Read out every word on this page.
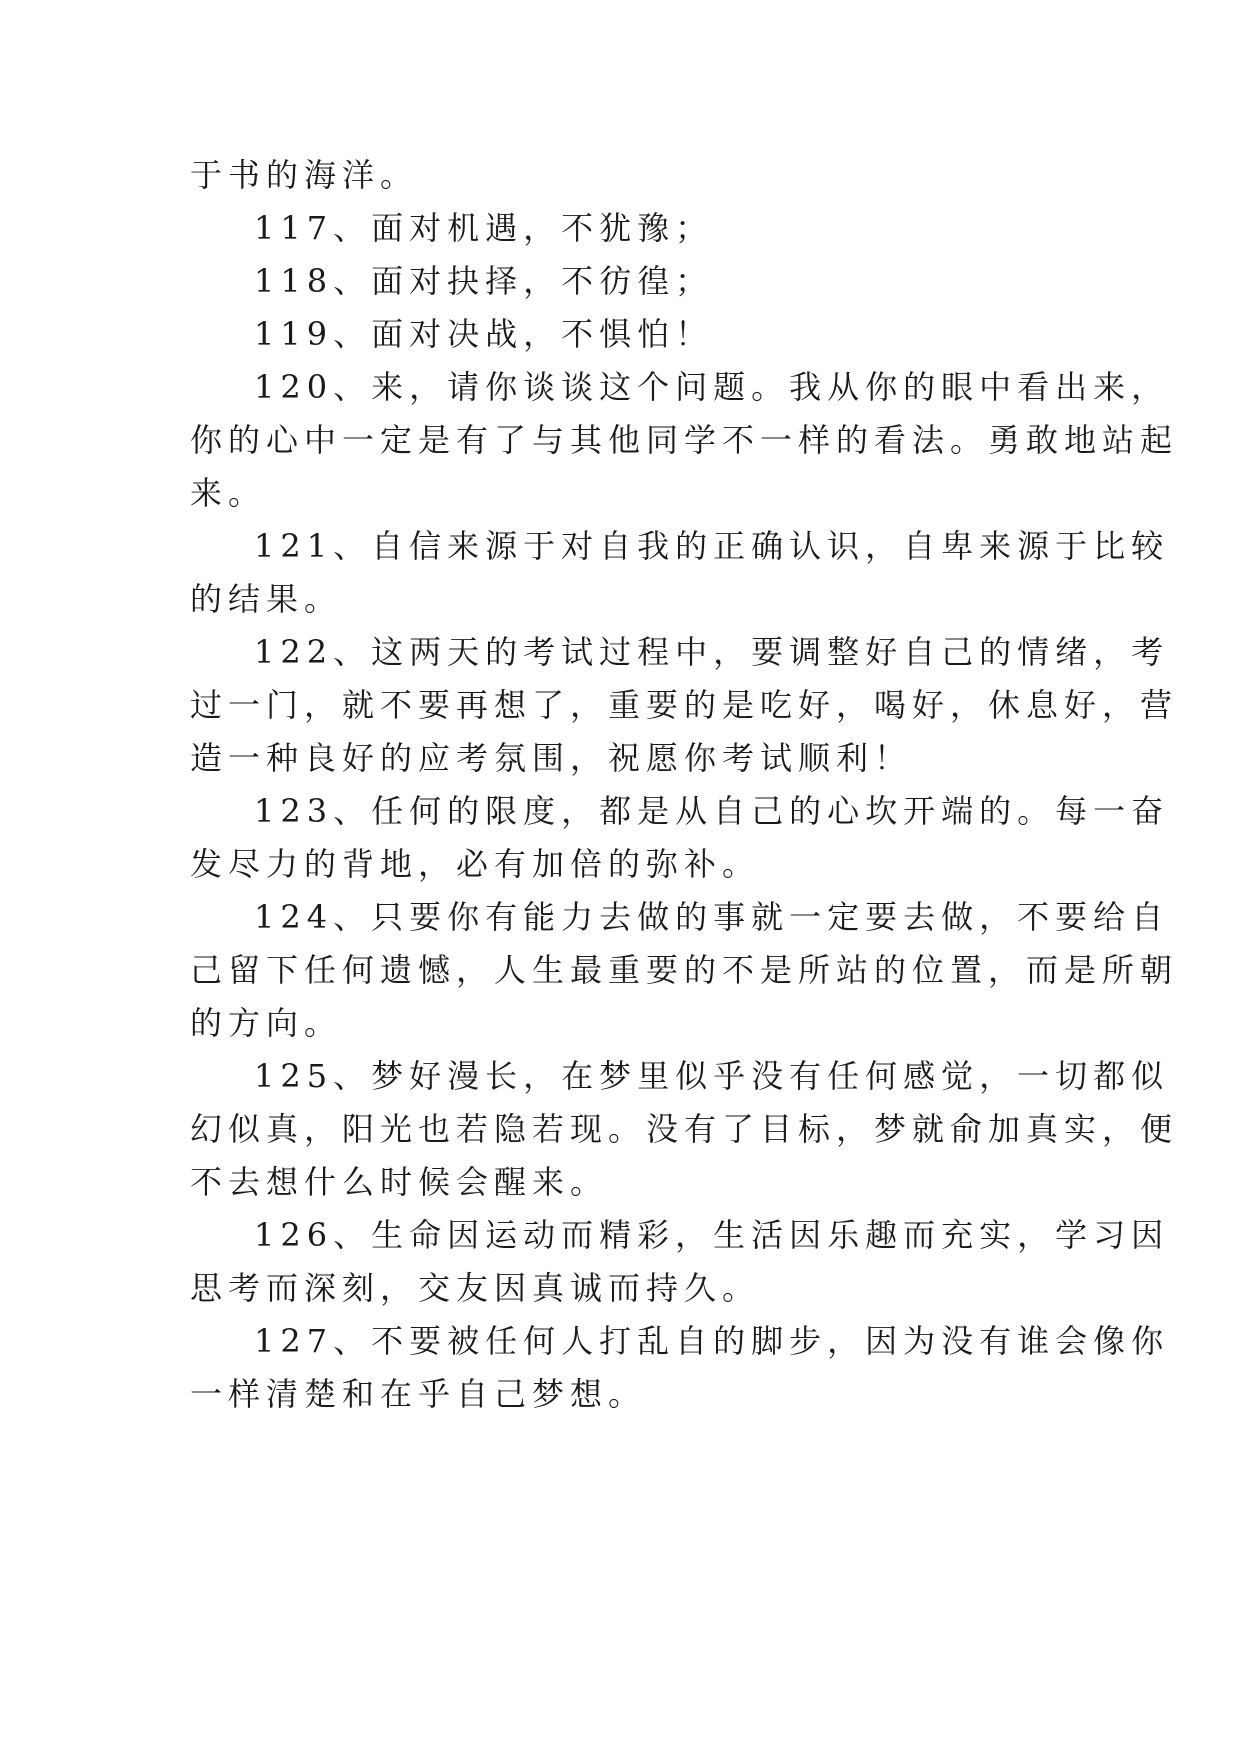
于书的海洋。
117、面对机遇，不犹豫；
118、面对抉择，不彷徨；
119、面对决战，不惧怕！
120、来，请你谈谈这个问题。我从你的眼中看出来，
你的心中一定是有了与其他同学不一样的看法。勇敢地站起
来。
121、自信来源于对自我的正确认识，自卑来源于比较
的结果。
122、这两天的考试过程中，要调整好自己的情绪，考
过一门，就不要再想了，重要的是吃好，喝好，休息好，营
造一种良好的应考氛围，祝愿你考试顺利！
123、任何的限度，都是从自己的心坎开端的。每一奋
发尽力的背地，必有加倍的弥补。
124、只要你有能力去做的事就一定要去做，不要给自
己留下任何遗憾，人生最重要的不是所站的位置，而是所朝
的方向。
125、梦好漫长，在梦里似乎没有任何感觉，一切都似
幻似真，阳光也若隐若现。没有了目标，梦就俞加真实，便
不去想什么时候会醒来。
126、生命因运动而精彩，生活因乐趣而充实，学习因
思考而深刻，交友因真诚而持久。
127、不要被任何人打乱自的脚步，因为没有谁会像你
一样清楚和在乎自己梦想。
